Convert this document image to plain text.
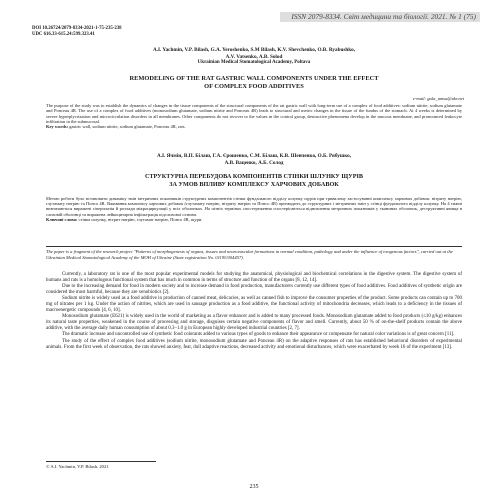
ISSN 2079-8334. Світ медицини та біології. 2021. № 1 (75)
DOI 10.26724/2079-8334-2021-1-75-235-238
UDC 616.33-615.24:599.323.41
A.I. Yachmin, V.P. Bilash, G.A. Yeroshenko, S.M Bilash, K.V. Shevchenko, O.B. Ryabushko,
A.V. Vatsenko, A.B. Solod
Ukrainian Medical Stomatological Academy, Poltava
REMODELING OF THE RAT GASTRIC WALL COMPONENTS UNDER THE EFFECT
OF COMPLEX FOOD ADDITIVES
e-mail: gala_umsa@ukr.net
The purpose of the study was to establish the dynamics of changes in the tissue components of the structural components of the rat gastric wall with long-term use of a complex of food additives: sodium nitrite, sodium glutamate and Ponceau 4R. The use of a complex of food additives (monosodium glutamate, sodium nitrite and Ponceau 4R) leads to structural and metric changes in the tissue of the fundus of the stomach. At 4 weeks is determined by severe hyperplycrization and microcirculation disorders in all membranes. Other components do not recover to the values in the control group, destructive phenomena develop in the mucous membrane, and pronounced leukocyte infiltration in the submucosal.
Key words: gastric wall, sodium nitrite, sodium glutamate, Ponceau 4R, rats.
А.І. Ячмін, В.П. Білаш, Г.А. Єрошенко, С.М. Білаш, К.В. Шевченко, О.Б. Рябушко,
А.В. Ваценко, А.Б. Солод
СТРУКТУРНА ПЕРЕБУДОВА КОМПОНЕНТІВ СТІНКИ ШЛУНКУ ЩУРІВ
ЗА УМОВ ВПЛИВУ КОМПЛЕКСУ ХАРЧОВИХ ДОБАВОК
Метою роботи було встановити динаміку змін метричних показників структурних компонентів стінки фундального відділу шлунку щурів при тривалому застосуванні комплексу харчових добавок: нітриту натрію, глутамату натрію та Понсо 4R. Вживання комплексу харчових добавок (глутамату натрію, нітриту натрію та Понсо 4R) призводить до структурних і метричних змін у стінці фундального відділу шлунку. На 4 тижні визначаються виражені гіперплазія й розлади мікроциркуляції у всіх оболонках. На пізніх термінах спостереження спостерігаються відновлення метричних показників у тканинах оболонок, деструктивні явища в слизовій оболонці та виражена лейкоцитарна інфільтрація підслизової основи.
Ключові слова: стінка шлунку, нітрит натрію, глутамат натрію, Понсо 4R, щури.
The paper is a fragment of the research project "Patterns of morphogenesis of organs, tissues and neurovascular formations in normal condition, pathology and under the influence of exogenous factors", carried out at the Ukrainian Medical Stomatological Academy of the MOH of Ukraine (State registration No. 0119U004457).

Currently, a laboratory rat is one of the most popular experimental models for studying the anatomical, physiological and biochemical correlations in the digestive system. The digestive system of humans and rats is a homologous functional system that has much in common in terms of structure and function of the organs [8, 12, 14].

Due to the increasing demand for food in modern society and to increase demand in food production, manufacturers currently use different types of food additives. Food additives of synthetic origin are considered the most harmful, because they are xenobiotics [2].

Sodium nitrite is widely used as a food additive in production of canned meat, delicacies, as well as canned fish to improve the consumer properties of the product. Some products can contain up to 700 mg of nitrates per 1 kg. Under the action of nitrites, which are used in sausage production as a food additive, the functional activity of mitochondria decreases, which leads to a deficiency in the tissues of macroenergetic compounds [4, 6, 10].

Monosodium glutamate (E621) is widely used in the world of marketing as a flavor enhancer and is added to many processed foods. Monosodium glutamate added to food products (≤10 g/kg) enhances its natural taste properties, weakened in the course of processing and storage, disguises certain negative components of flavor and smell. Currently, about 50 % of on-the-shelf products contain the above additive, with the average daily human consumption of about 0.3–1.0 g in European highly developed industrial countries [2, 7].

The dramatic increase and uncontrolled use of synthetic food colorants added to various types of goods to enhance their appearance or compensate for natural color variations is of great concern [11].

The study of the effect of complex food additives (sodium nitrite, monosodium glutamate and Ponceau 4R) on the adaptive responses of rats has established behavioral disorders of experimental animals. From the first week of observation, the rats showed anxiety, fear, dull adaptive reactions, decreased activity and emotional disturbances, which were exacerbated by week 16 of the experiment [13].

© A.I. Yachmin, V.P. Bilash, 2021
235
